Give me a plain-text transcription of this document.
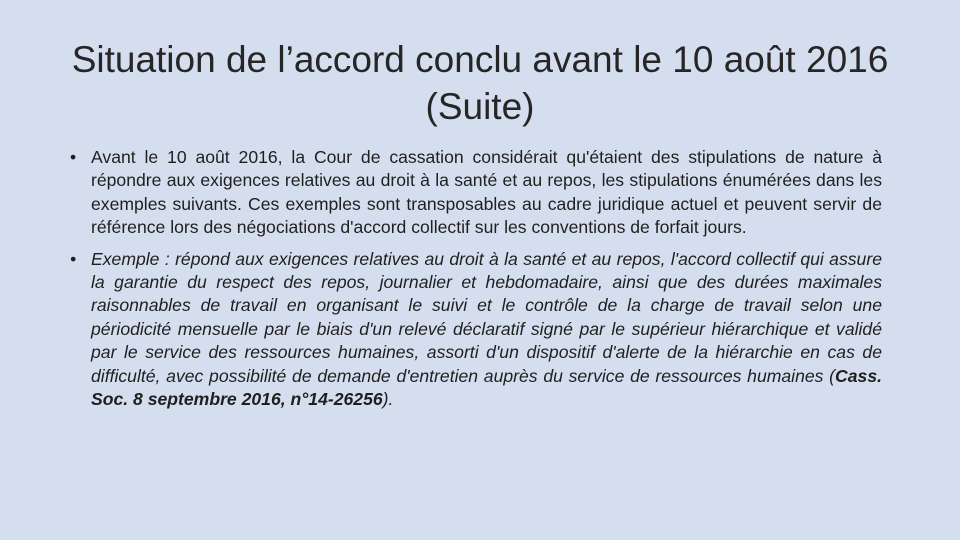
Situation de l’accord conclu avant le 10 août 2016 (Suite)
• Avant le 10 août 2016, la Cour de cassation considérait qu'étaient des stipulations de nature à répondre aux exigences relatives au droit à la santé et au repos, les stipulations énumérées dans les exemples suivants. Ces exemples sont transposables au cadre juridique actuel et peuvent servir de référence lors des négociations d'accord collectif sur les conventions de forfait jours.
• Exemple : répond aux exigences relatives au droit à la santé et au repos, l'accord collectif qui assure la garantie du respect des repos, journalier et hebdomadaire, ainsi que des durées maximales raisonnables de travail en organisant le suivi et le contrôle de la charge de travail selon une périodicité mensuelle par le biais d'un relevé déclaratif signé par le supérieur hiérarchique et validé par le service des ressources humaines, assorti d'un dispositif d'alerte de la hiérarchie en cas de difficulté, avec possibilité de demande d'entretien auprès du service de ressources humaines (Cass. Soc. 8 septembre 2016, n°14-26256).
